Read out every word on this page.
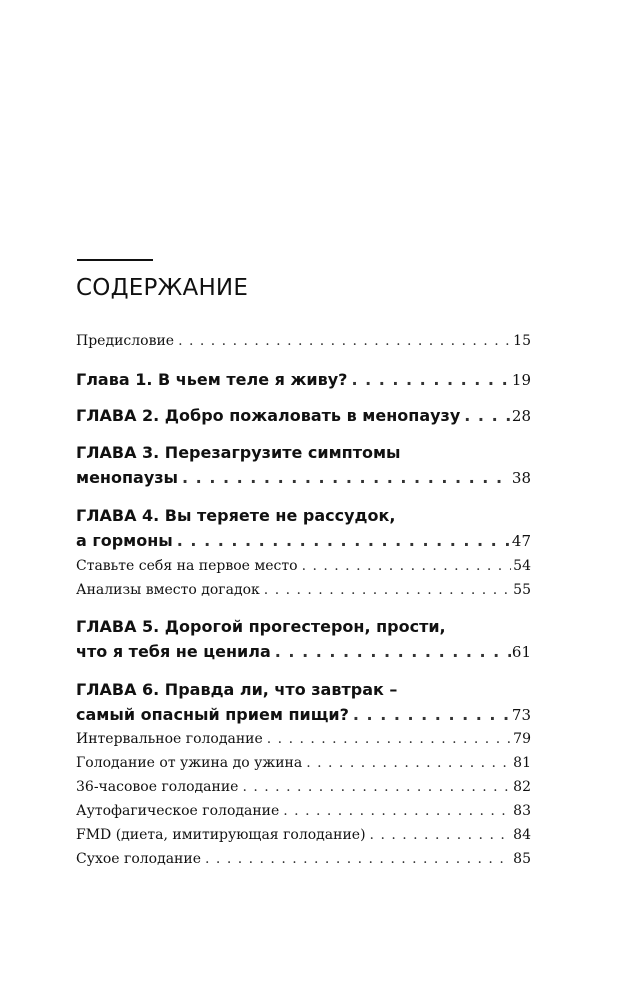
СОДЕРЖАНИЕ
Предисловие . . .	15
Глава 1. В чьем теле я живу? . . .	19
ГЛАВА 2. Добро пожаловать в менопаузу . . .	28
ГЛАВА 3. Перезагрузите симптомы
менопаузы . . .	38
ГЛАВА 4. Вы теряете не рассудок,
а гормоны . . .	47
Ставьте себя на первое место . . .	54
Анализы вместо догадок . . .	55
ГЛАВА 5. Дорогой прогестерон, прости,
что я тебя не ценила . . .	61
ГЛАВА 6. Правда ли, что завтрак –
самый опасный прием пищи? . . .	73
Интервальное голодание . . .	79
Голодание от ужина до ужина . . .	81
36-часовое голодание . . .	82
Аутофагическое голодание . . .	83
FMD (диета, имитирующая голодание) . . .	84
Сухое голодание . . .	85
